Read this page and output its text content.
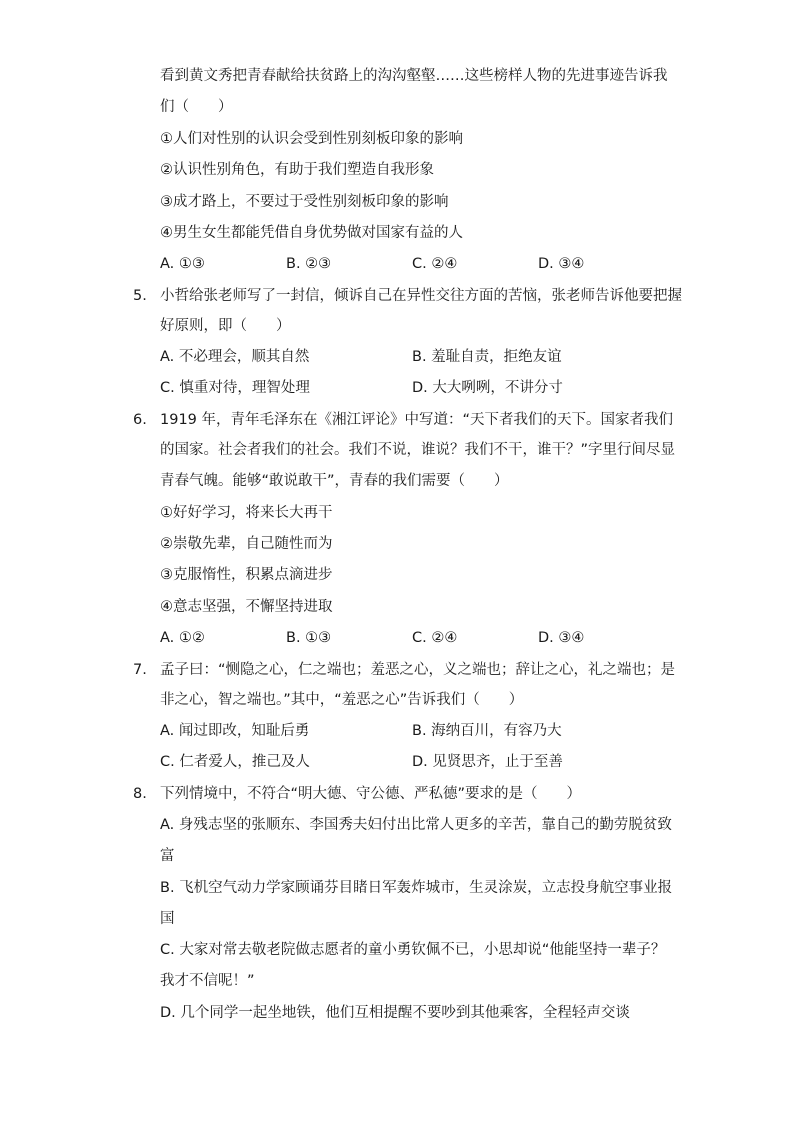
看到黄文秀把青春献给扶贫路上的沟沟壑壑……这些榜样人物的先进事迹告诉我
们（　　）
①人们对性别的认识会受到性别刻板印象的影响
②认识性别角色，有助于我们塑造自我形象
③成才路上，不要过于受性别刻板印象的影响
④男生女生都能凭借自身优势做对国家有益的人
A. ①③	B. ②③	C. ②④	D. ③④
5. 小哲给张老师写了一封信，倾诉自己在异性交往方面的苦恼，张老师告诉他要把握
好原则，即（　　）
A. 不必理会，顺其自然	B. 羞耻自责，拒绝友谊
C. 慎重对待，理智处理	D. 大大咧咧，不讲分寸
6. 1919 年，青年毛泽东在《湘江评论》中写道：“天下者我们的天下。国家者我们
的国家。社会者我们的社会。我们不说，谁说？我们不干，谁干？”字里行间尽显
青春气魄。能够“敢说敢干”，青春的我们需要（　　）
①好好学习，将来长大再干
②崇敬先辈，自己随性而为
③克服惰性，积累点滴进步
④意志坚强，不懈坚持进取
A. ①②	B. ①③	C. ②④	D. ③④
7. 孟子曰：“恻隐之心，仁之端也；羞恶之心，义之端也；辞让之心，礼之端也；是
非之心，智之端也。”其中，“羞恶之心”告诉我们（　　）
A. 闻过即改，知耻后勇	B. 海纳百川，有容乃大
C. 仁者爱人，推己及人	D. 见贤思齐，止于至善
8. 下列情境中，不符合“明大德、守公德、严私德”要求的是（　　）
A. 身残志坚的张顺东、李国秀夫妇付出比常人更多的辛苦，靠自己的勤劳脱贫致
富
B. 飞机空气动力学家顾诵芬目睹日军轰炸城市，生灵涂炭，立志投身航空事业报
国
C. 大家对常去敬老院做志愿者的童小勇钦佩不已，小思却说“他能坚持一辈子？
我才不信呢！”
D. 几个同学一起坐地铁，他们互相提醒不要吵到其他乘客，全程轻声交谈
